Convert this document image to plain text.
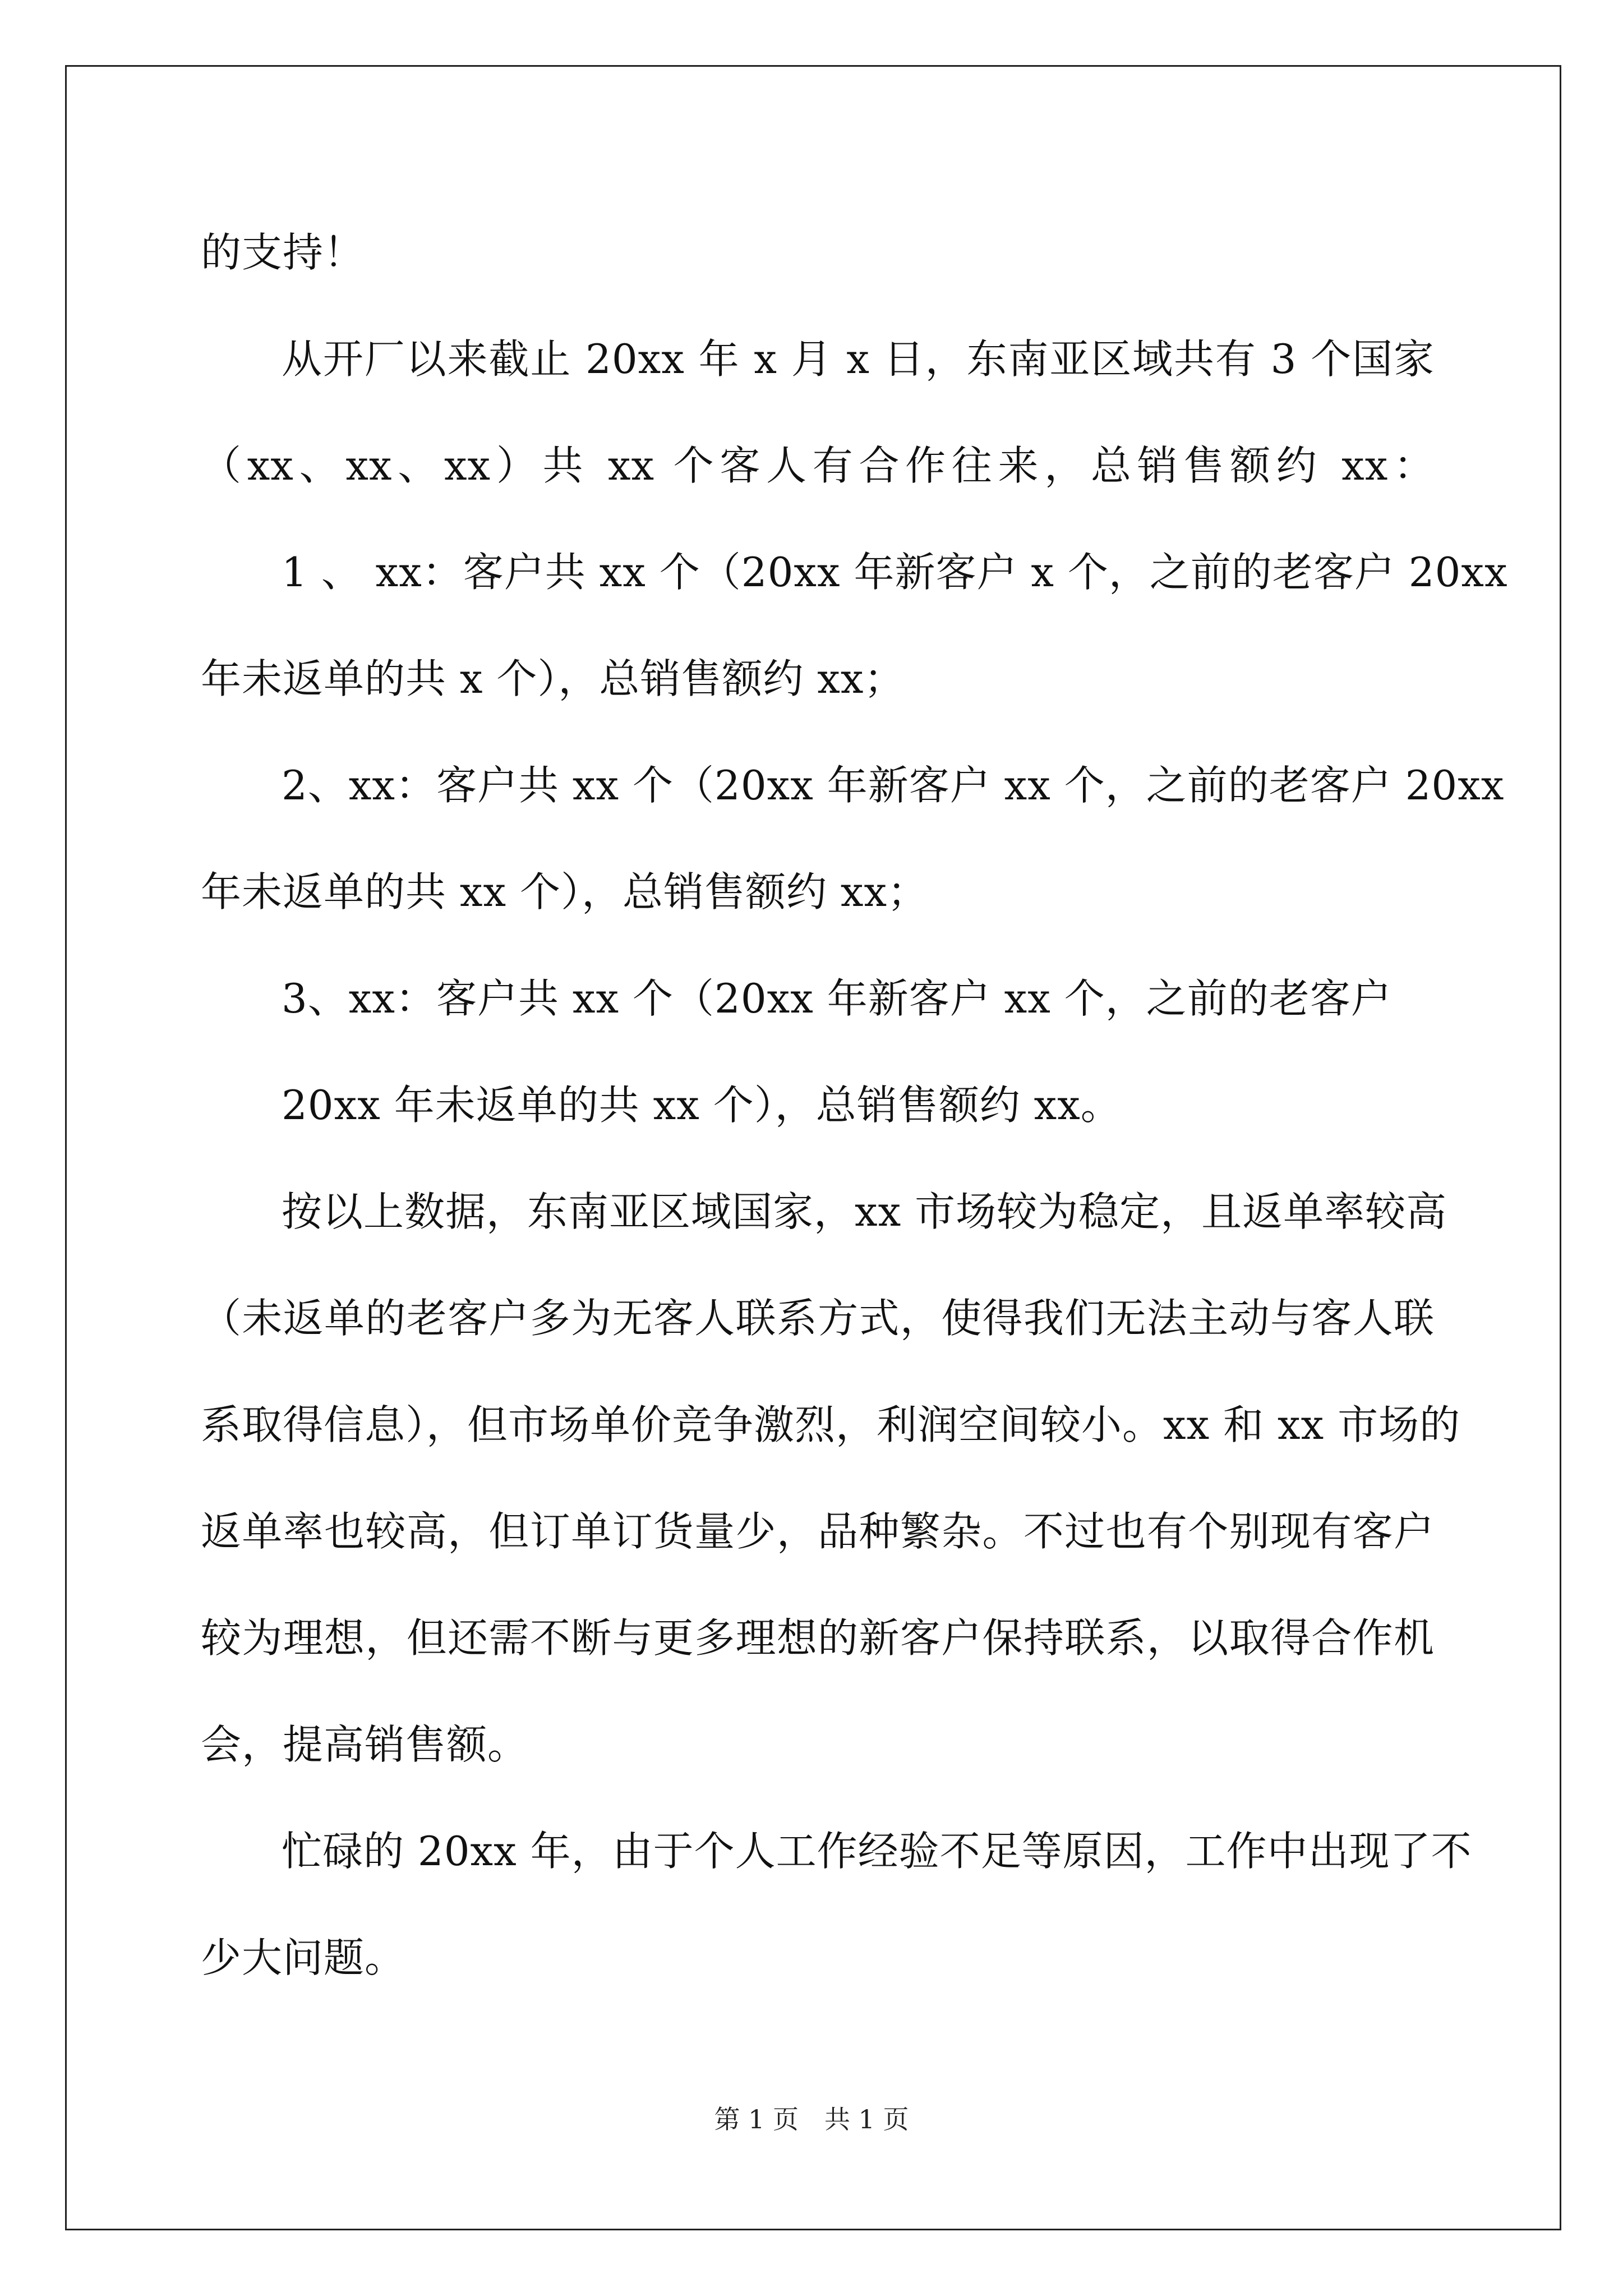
的支持！
从开厂以来截止 20xx 年 x 月 x 日，东南亚区域共有 3 个国家
（xx、xx、xx）共 xx 个客人有合作往来，总销售额约 xx：
1 、 xx：客户共 xx 个（20xx 年新客户 x 个，之前的老客户 20xx
年未返单的共 x 个），总销售额约 xx；
2、xx：客户共 xx 个（20xx 年新客户 xx 个，之前的老客户 20xx
年未返单的共 xx 个），总销售额约 xx；
3、xx：客户共 xx 个（20xx 年新客户 xx 个，之前的老客户
20xx 年未返单的共 xx 个），总销售额约 xx。
按以上数据，东南亚区域国家，xx 市场较为稳定，且返单率较高
（未返单的老客户多为无客人联系方式，使得我们无法主动与客人联
系取得信息），但市场单价竞争激烈，利润空间较小。xx 和 xx 市场的
返单率也较高，但订单订货量少，品种繁杂。不过也有个别现有客户
较为理想，但还需不断与更多理想的新客户保持联系，以取得合作机
会，提高销售额。
忙碌的 20xx 年，由于个人工作经验不足等原因，工作中出现了不
少大问题。
第 1 页　共 1 页
